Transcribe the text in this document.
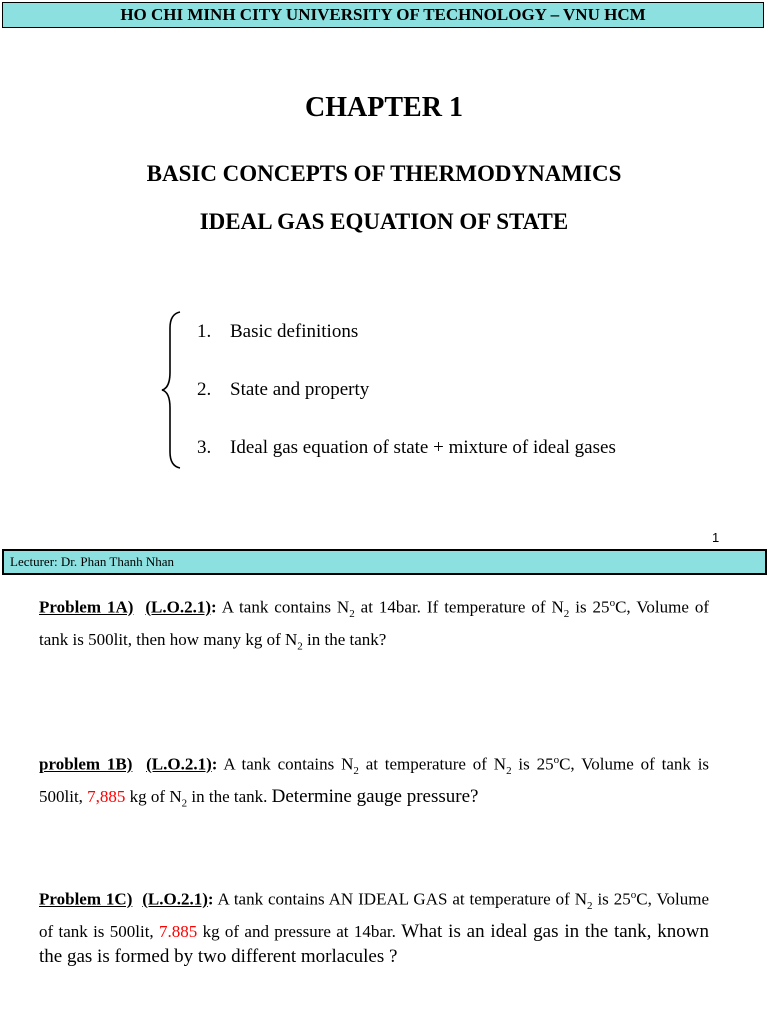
HO CHI MINH CITY UNIVERSITY OF TECHNOLOGY – VNU HCM
CHAPTER 1
BASIC CONCEPTS OF THERMODYNAMICS
IDEAL GAS EQUATION OF STATE
1. Basic definitions
2. State and property
3. Ideal gas equation of state + mixture of ideal gases
1
Lecturer: Dr. Phan Thanh Nhan
Problem 1A) (L.O.2.1): A tank contains $N_2$ at 14bar. If temperature of $N_2$ is 25$^o$C, Volume of tank is 500lit, then how many kg of $N_2$ in the tank?
problem 1B) (L.O.2.1): A tank contains $N_2$ at temperature of $N_2$ is 25$^o$C, Volume of tank is 500lit, 7,885 kg of $N_2$ in the tank. Determine gauge pressure?
Problem 1C) (L.O.2.1): A tank contains AN IDEAL GAS at temperature of $N_2$ is 25$^o$C, Volume of tank is 500lit, 7.885 kg of and pressure at 14bar. What is an ideal gas in the tank, known the gas is formed by two different morlacules ?
